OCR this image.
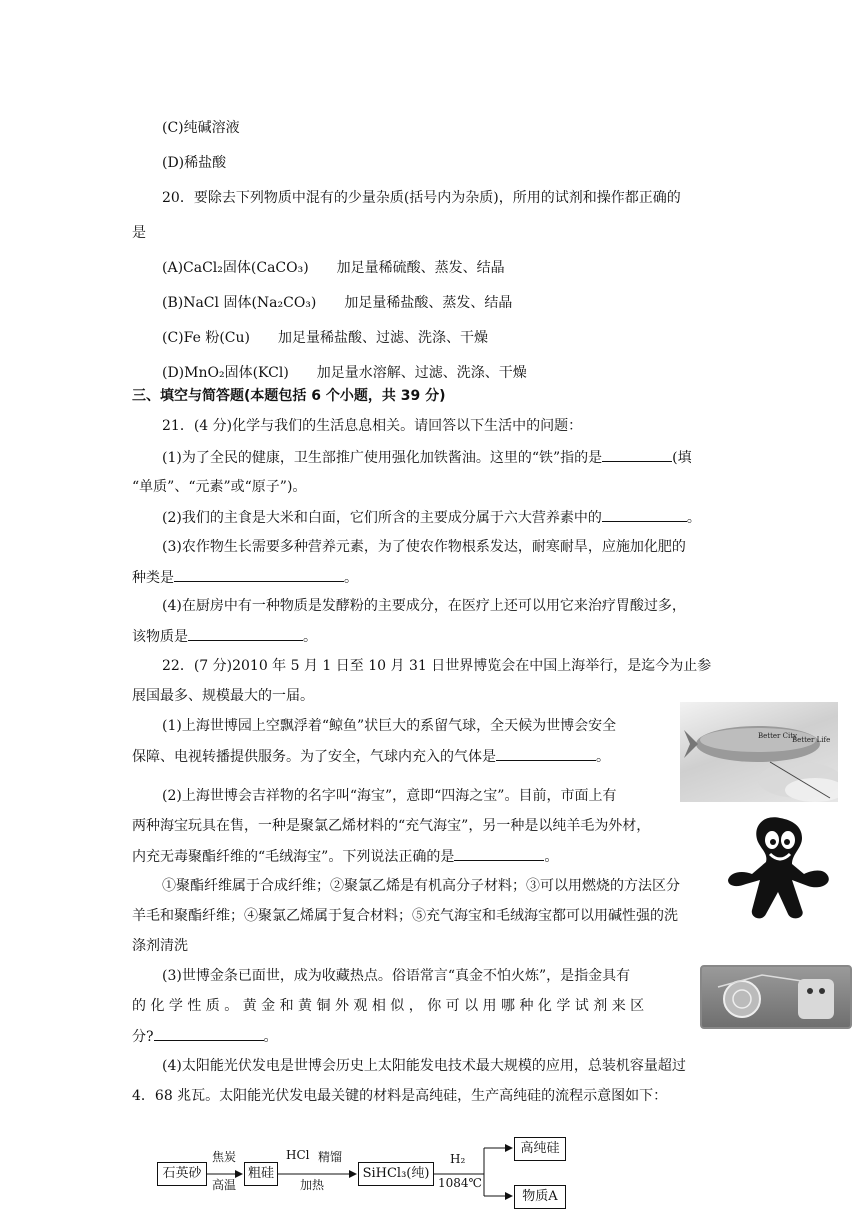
(C)纯碱溶液
(D)稀盐酸
20．要除去下列物质中混有的少量杂质(括号内为杂质)，所用的试剂和操作都正确的
是
(A)CaCl₂固体(CaCO₃)　　加足量稀硫酸、蒸发、结晶
(B)NaCl 固体(Na₂CO₃)　　加足量稀盐酸、蒸发、结晶
(C)Fe 粉(Cu)　　加足量稀盐酸、过滤、洗涤、干燥
(D)MnO₂固体(KCl)　　加足量水溶解、过滤、洗涤、干燥
三、填空与简答题(本题包括 6 个小题，共 39 分)
21．(4 分)化学与我们的生活息息相关。请回答以下生活中的问题：
(1)为了全民的健康，卫生部推广使用强化加铁酱油。这里的“铁”指的是	(填
“单质”、“元素”或“原子”)。
(2)我们的主食是大米和白面，它们所含的主要成分属于六大营养素中的	。
(3)农作物生长需要多种营养元素，为了使农作物根系发达，耐寒耐旱，应施加化肥的
种类是	。
(4)在厨房中有一种物质是发酵粉的主要成分，在医疗上还可以用它来治疗胃酸过多，
该物质是	。
22．(7 分)2010 年 5 月 1 日至 10 月 31 日世界博览会在中国上海举行，是迄今为止参
展国最多、规模最大的一届。
(1)上海世博园上空飘浮着“鲸鱼”状巨大的系留气球，全天候为世博会安全
保障、电视转播提供服务。为了安全，气球内充入的气体是	。
Better City
Better Life
(2)上海世博会吉祥物的名字叫“海宝”，意即“四海之宝”。目前，市面上有
两种海宝玩具在售，一种是聚氯乙烯材料的“充气海宝”，另一种是以纯羊毛为外材，
内充无毒聚酯纤维的“毛绒海宝”。下列说法正确的是	。
①聚酯纤维属于合成纤维；②聚氯乙烯是有机高分子材料；③可以用燃烧的方法区分
羊毛和聚酯纤维；④聚氯乙烯属于复合材料；⑤充气海宝和毛绒海宝都可以用碱性强的洗
涤剂清洗
(3)世博金条已面世，成为收藏热点。俗语常言“真金不怕火炼”，是指金具有
的 化 学 性 质 。 黄 金 和 黄 铜 外 观 相 似 ， 你 可 以 用 哪 种 化 学 试 剂 来 区
分?	。
(4)太阳能光伏发电是世博会历史上太阳能发电技术最大规模的应用，总装机容量超过
4．68 兆瓦。太阳能光伏发电最关键的材料是高纯硅，生产高纯硅的流程示意图如下：
石英砂
焦炭
高温
粗硅
HCl 精馏
加热
SiHCl₃(纯)
H₂
1084℃
高纯硅
物质A
